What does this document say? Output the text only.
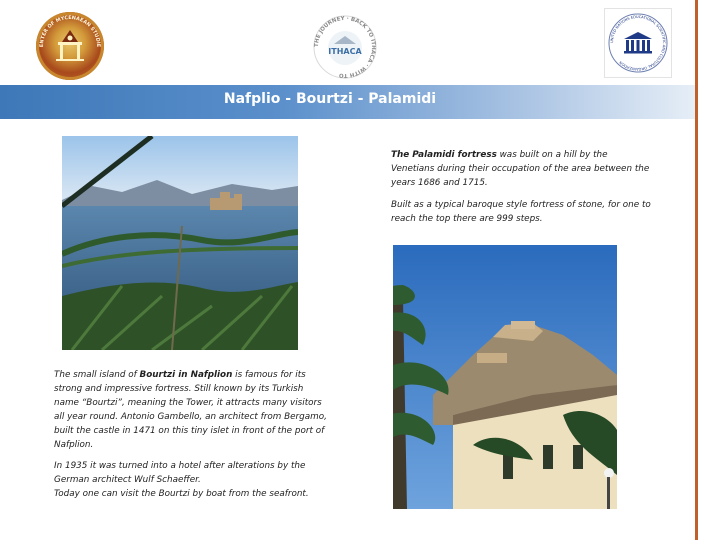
ENTER OF MYCENAEAN STUDIE	THE JOURNEY · BACK TO ITHACA · WITH TO
ITHACA
UNITED NATIONS EDUCATIONAL SCIENTIFIC AND CULTURAL ORGANIZATION
Nafplio - Bourtzi - Palamidi

The Palamidi fortress was built on a hill by the Venetians during their occupation of the area between the years 1686 and 1715.

Built as a typical baroque style fortress of stone, for one to reach the top there are 999 steps.

The small island of Bourtzi in Nafplion is famous for its strong and impressive fortress. Still known by its Turkish name “Bourtzi”, meaning the Tower, it attracts many visitors all year round. Antonio Gambello, an architect from Bergamo, built the castle in 1471 on this tiny islet in front of the port of Nafplion.

In 1935 it was turned into a hotel after alterations by the German architect Wulf Schaeffer.
Today one can visit the Bourtzi by boat from the seafront.
